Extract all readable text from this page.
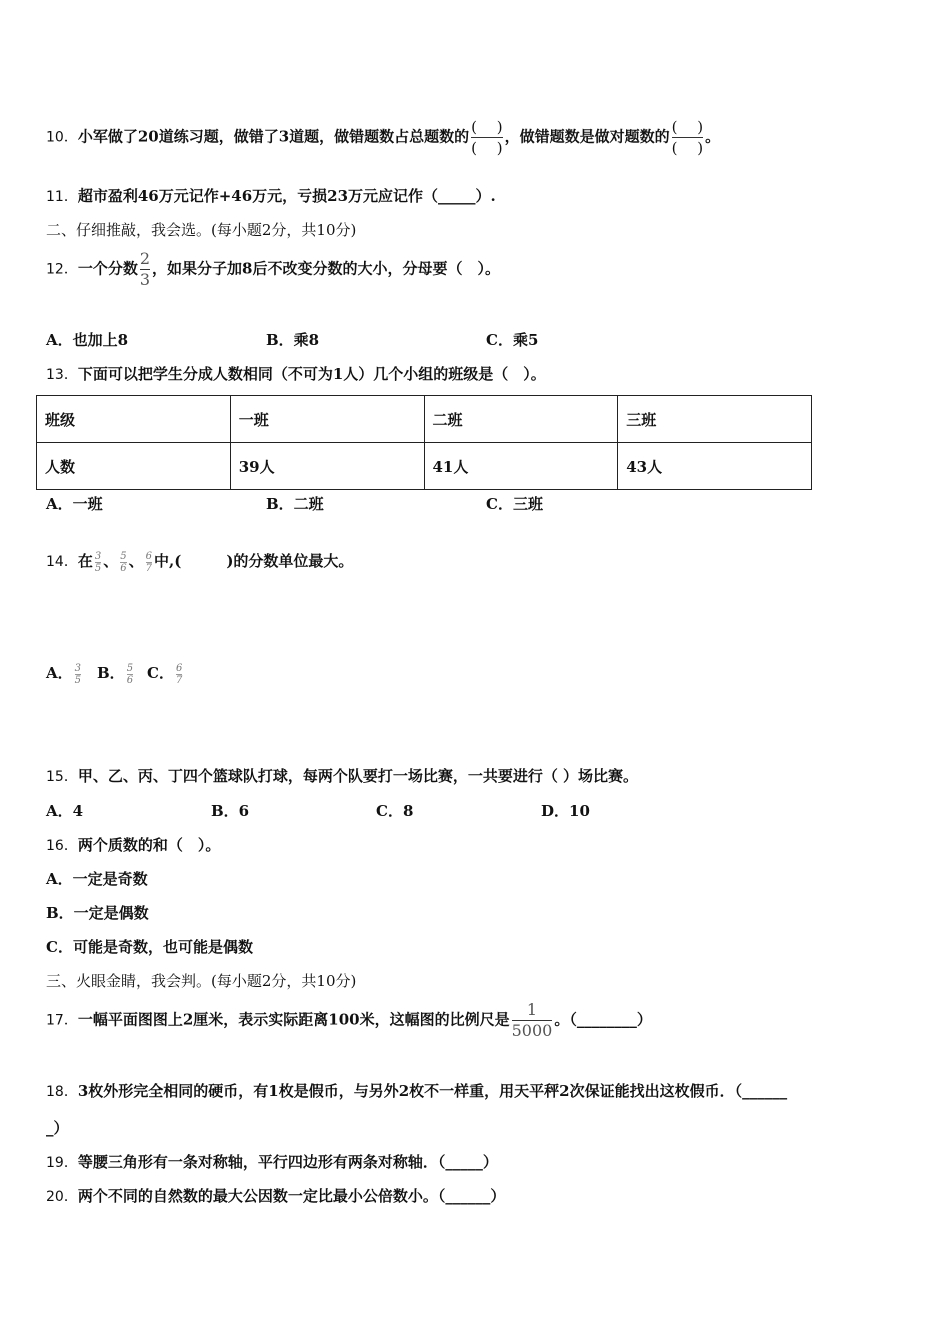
10．小军做了20道练习题，做错了3道题，做错题数占总题数的 $\frac{( )}{( )}$ ，做错题数是做对题数的 $\frac{( )}{( )}$ 。
11．超市盈利46万元记作+46万元，亏损23万元应记作（_____）.
二、仔细推敲，我会选。(每小题2分，共10分)
12．一个分数 $\frac{2}{3}$ ，如果分子加8后不改变分数的大小，分母要（　）。
A．也加上8	B．乘8	C．乘5
13．下面可以把学生分成人数相同（不可为1人）几个小组的班级是（　）。
班级	一班	二班	三班
人数	39人	41人	43人
A．一班	B．二班	C．三班
14．在 $\frac{3}{5}$ 、 $\frac{5}{6}$ 、 $\frac{6}{7}$ 中,(　　　)的分数单位最大。
A． $\frac{3}{5}$ B． $\frac{5}{6}$ C． $\frac{6}{7}$
15．甲、乙、丙、丁四个篮球队打球，每两个队要打一场比赛，一共要进行（ ）场比赛。
A．4	B．6	C．8	D．10
16．两个质数的和（　）。
A．一定是奇数
B．一定是偶数
C．可能是奇数，也可能是偶数
三、火眼金睛，我会判。(每小题2分，共10分)
17．一幅平面图图上2厘米，表示实际距离100米，这幅图的比例尺是 $\frac{1}{5000}$ 。（________）
18．3枚外形完全相同的硬币，有1枚是假币，与另外2枚不一样重，用天平秤2次保证能找出这枚假币．（______
_）
19．等腰三角形有一条对称轴，平行四边形有两条对称轴．（_____）
20．两个不同的自然数的最大公因数一定比最小公倍数小。（______）
